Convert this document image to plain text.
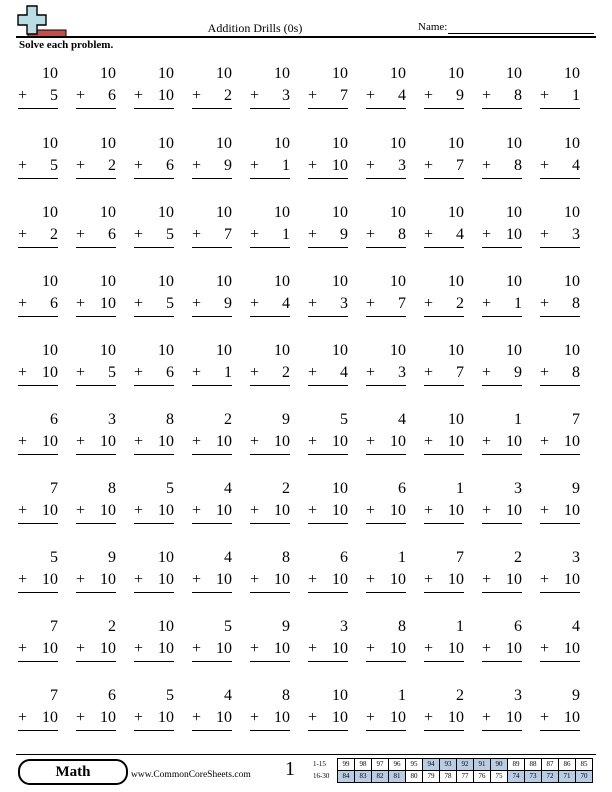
Addition Drills (0s)	Name:
Solve each problem.
10
+ 5
10
+ 6
10
+ 10
10
+ 2
10
+ 3
10
+ 7
10
+ 4
10
+ 9
10
+ 8
10
+ 1
10
+ 5
10
+ 2
10
+ 6
10
+ 9
10
+ 1
10
+ 10
10
+ 3
10
+ 7
10
+ 8
10
+ 4
10
+ 2
10
+ 6
10
+ 5
10
+ 7
10
+ 1
10
+ 9
10
+ 8
10
+ 4
10
+ 10
10
+ 3
10
+ 6
10
+ 10
10
+ 5
10
+ 9
10
+ 4
10
+ 3
10
+ 7
10
+ 2
10
+ 1
10
+ 8
10
+ 10
10
+ 5
10
+ 6
10
+ 1
10
+ 2
10
+ 4
10
+ 3
10
+ 7
10
+ 9
10
+ 8
6
+ 10
3
+ 10
8
+ 10
2
+ 10
9
+ 10
5
+ 10
4
+ 10
10
+ 10
1
+ 10
7
+ 10
7
+ 10
8
+ 10
5
+ 10
4
+ 10
2
+ 10
10
+ 10
6
+ 10
1
+ 10
3
+ 10
9
+ 10
5
+ 10
9
+ 10
10
+ 10
4
+ 10
8
+ 10
6
+ 10
1
+ 10
7
+ 10
2
+ 10
3
+ 10
7
+ 10
2
+ 10
10
+ 10
5
+ 10
9
+ 10
3
+ 10
8
+ 10
1
+ 10
6
+ 10
4
+ 10
7
+ 10
6
+ 10
5
+ 10
4
+ 10
8
+ 10
10
+ 10
1
+ 10
2
+ 10
3
+ 10
9
+ 10
Math	www.CommonCoreSheets.com 1	1-15	99	98	97	96	95	94	93	92	91	90	89	88	87	86	85
16-30	84	83	82	81	80	79	78	77	76	75	74	73	72	71	70
